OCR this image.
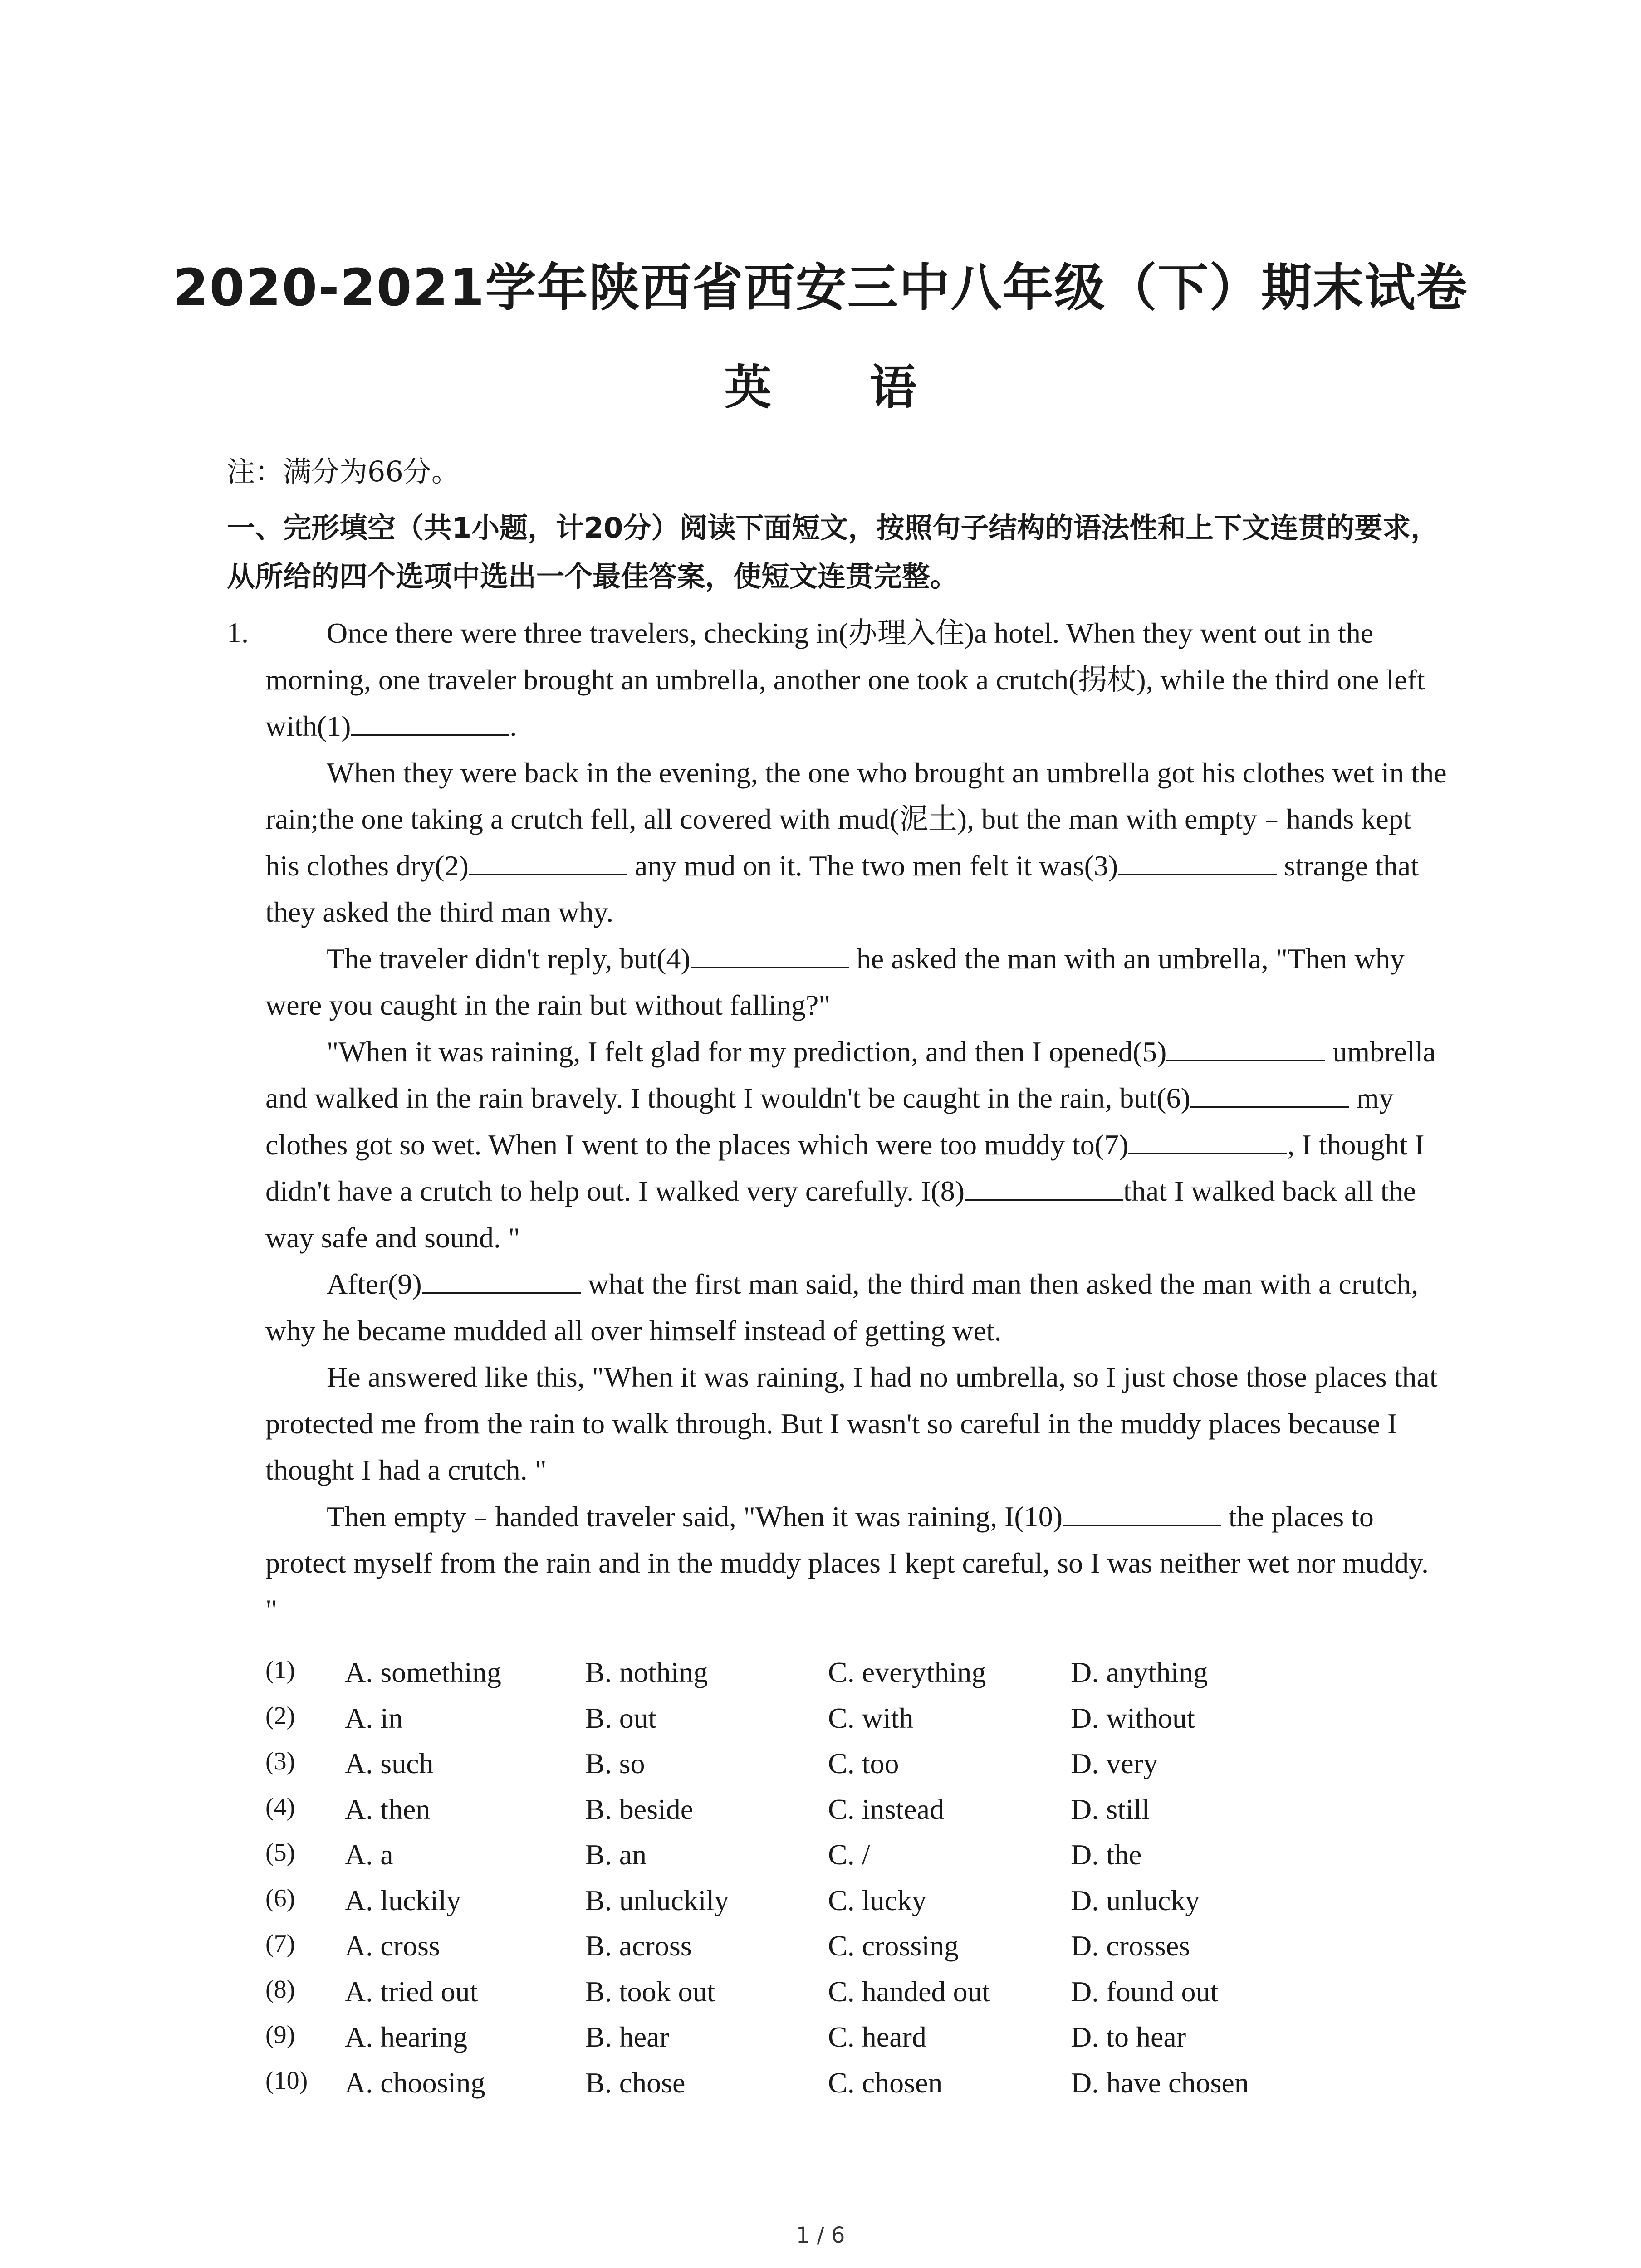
2020-2021学年陕西省西安三中八年级（下）期末试卷
英 语
注：满分为66分。
一、完形填空（共1小题，计20分）阅读下面短文，按照句子结构的语法性和上下文连贯的要求，从所给的四个选项中选出一个最佳答案，使短文连贯完整。
1.	Once there were three travelers, checking in(办理入住)a hotel. When they went out in the morning, one traveler brought an umbrella, another one took a crutch(拐杖), while the third one left with(1)	.

When they were back in the evening, the one who brought an umbrella got his clothes wet in the rain;the one taking a crutch fell, all covered with mud(泥土), but the man with empty﹣hands kept his clothes dry(2)	any mud on it. The two men felt it was(3)	strange that they asked the third man why.

The traveler didn't reply, but(4)	he asked the man with an umbrella, "Then why were you caught in the rain but without falling?"

"When it was raining, I felt glad for my prediction, and then I opened(5)	umbrella and walked in the rain bravely. I thought I wouldn't be caught in the rain, but(6)	my clothes got so wet. When I went to the places which were too muddy to(7)	, I thought I didn't have a crutch to help out. I walked very carefully. I(8)	that I walked back all the way safe and sound. "

After(9)	what the first man said, the third man then asked the man with a crutch, why he became mudded all over himself instead of getting wet.

He answered like this, "When it was raining, I had no umbrella, so I just chose those places that protected me from the rain to walk through. But I wasn't so careful in the muddy places because I thought I had a crutch. "

Then empty﹣handed traveler said, "When it was raining, I(10)	the places to protect myself from the rain and in the muddy places I kept careful, so I was neither wet nor muddy. "

(1) A. something	B. nothing	C. everything	D. anything
(2) A. in	B. out	C. with	D. without
(3) A. such	B. so	C. too	D. very
(4) A. then	B. beside	C. instead	D. still
(5) A. a	B. an	C. /	D. the
(6) A. luckily	B. unluckily	C. lucky	D. unlucky
(7) A. cross	B. across	C. crossing	D. crosses
(8) A. tried out	B. took out	C. handed out	D. found out
(9) A. hearing	B. hear	C. heard	D. to hear
(10) A. choosing	B. chose	C. chosen	D. have chosen
1 / 6
